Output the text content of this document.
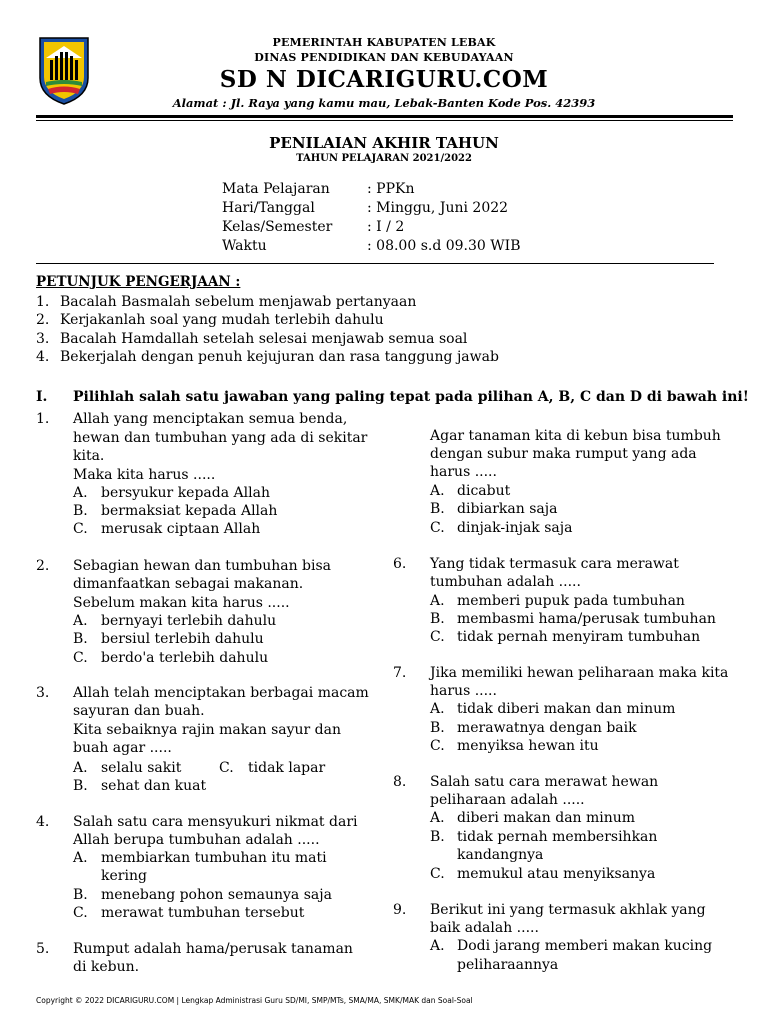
PEMERINTAH KABUPATEN LEBAK
DINAS PENDIDIKAN DAN KEBUDAYAAN
SD N DICARIGURU.COM
Alamat : Jl. Raya yang kamu mau, Lebak-Banten Kode Pos. 42393
PENILAIAN AKHIR TAHUN
TAHUN PELAJARAN 2021/2022
Mata Pelajaran	: PPKn
Hari/Tanggal	: Minggu, Juni 2022
Kelas/Semester : I / 2
Waktu	: 08.00 s.d 09.30 WIB
PETUNJUK PENGERJAAN :
1. Bacalah Basmalah sebelum menjawab pertanyaan
2. Kerjakanlah soal yang mudah terlebih dahulu
3. Bacalah Hamdallah setelah selesai menjawab semua soal
4. Bekerjalah dengan penuh kejujuran dan rasa tanggung jawab
I. Pilihlah salah satu jawaban yang paling tepat pada pilihan A, B, C dan D di bawah ini!
1. Allah yang menciptakan semua benda,
hewan dan tumbuhan yang ada di sekitar
kita.
Maka kita harus .....
A. bersyukur kepada Allah
B. bermaksiat kepada Allah
C. merusak ciptaan Allah
2. Sebagian hewan dan tumbuhan bisa
dimanfaatkan sebagai makanan.
Sebelum makan kita harus .....
A. bernyayi terlebih dahulu
B. bersiul terlebih dahulu
C. berdo'a terlebih dahulu
3. Allah telah menciptakan berbagai macam
sayuran dan buah.
Kita sebaiknya rajin makan sayur dan
buah agar .....
A. selalu sakit	C. tidak lapar
B. sehat dan kuat
4. Salah satu cara mensyukuri nikmat dari
Allah berupa tumbuhan adalah .....
A. membiarkan tumbuhan itu mati
kering
B. menebang pohon semaunya saja
C. merawat tumbuhan tersebut
5. Rumput adalah hama/perusak tanaman
di kebun.
Agar tanaman kita di kebun bisa tumbuh
dengan subur maka rumput yang ada
harus .....
A. dicabut
B. dibiarkan saja
C. dinjak-injak saja
6. Yang tidak termasuk cara merawat
tumbuhan adalah .....
A. memberi pupuk pada tumbuhan
B. membasmi hama/perusak tumbuhan
C. tidak pernah menyiram tumbuhan
7. Jika memiliki hewan peliharaan maka kita
harus .....
A. tidak diberi makan dan minum
B. merawatnya dengan baik
C. menyiksa hewan itu
8. Salah satu cara merawat hewan
peliharaan adalah .....
A. diberi makan dan minum
B. tidak pernah membersihkan
kandangnya
C. memukul atau menyiksanya
9. Berikut ini yang termasuk akhlak yang
baik adalah .....
A. Dodi jarang memberi makan kucing
peliharaannya
Copyright © 2022 DICARIGURU.COM | Lengkap Administrasi Guru SD/MI, SMP/MTs, SMA/MA, SMK/MAK dan Soal-Soal
